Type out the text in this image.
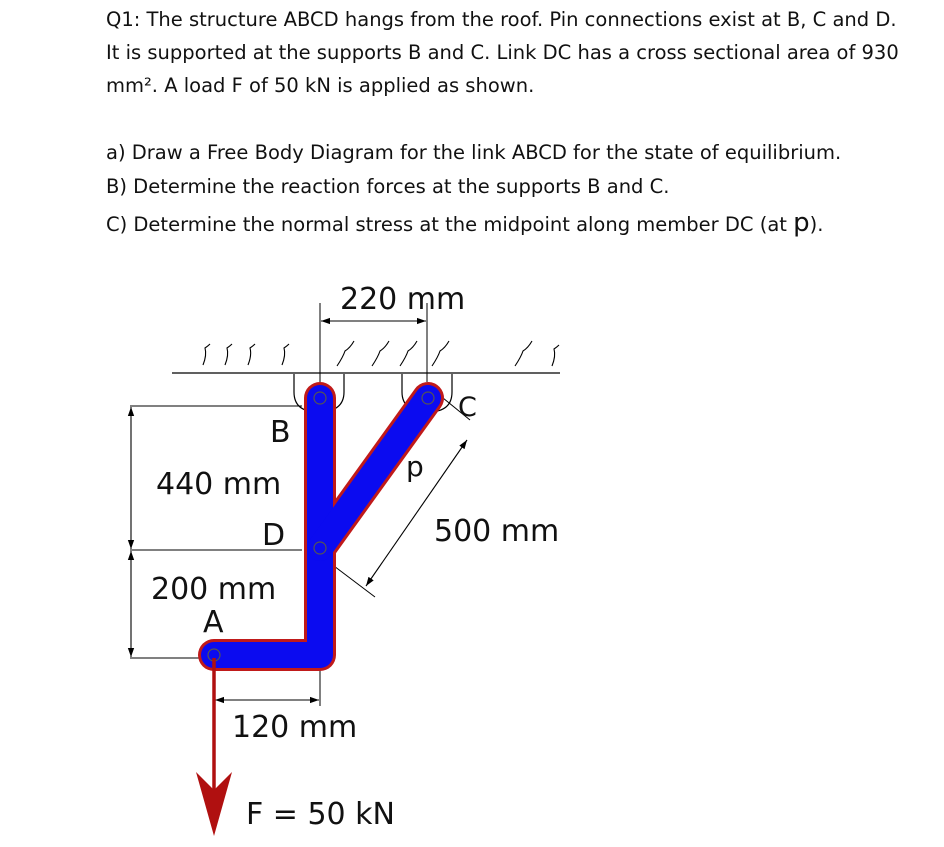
Q1: The structure ABCD hangs from the roof. Pin connections exist at B, C and D. It is supported at the supports B and C. Link DC has a cross sectional area of 930 mm². A load F of 50 kN is applied as shown.

a) Draw a Free Body Diagram for the link ABCD for the state of equilibrium.

B) Determine the reaction forces at the supports B and C.

C) Determine the normal stress at the midpoint along member DC (at p).

B
C
D
A
p
220 mm
440 mm
200 mm
120 mm
500 mm
F = 50 kN
